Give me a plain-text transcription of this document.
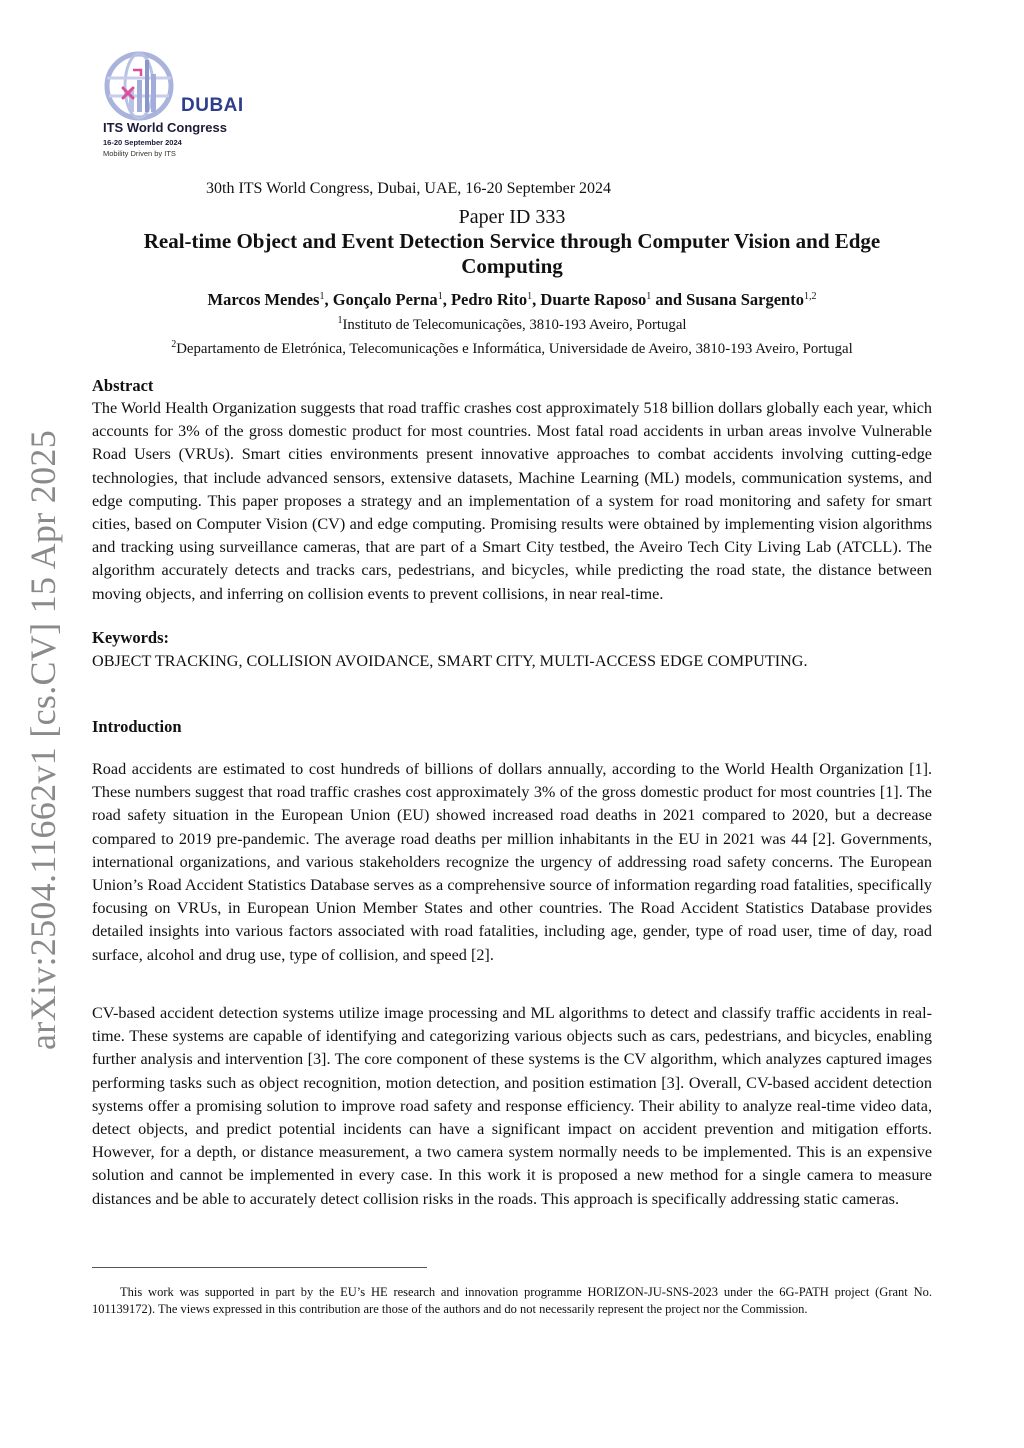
DUBAI
ITS World Congress
16-20 September 2024
Mobility Driven by ITS
arXiv:2504.11662v1 [cs.CV] 15 Apr 2025
30th ITS World Congress, Dubai, UAE, 16-20 September 2024
Paper ID 333
Real-time Object and Event Detection Service through Computer Vision and Edge Computing
Marcos Mendes$^1$, Gonçalo Perna$^1$, Pedro Rito$^1$, Duarte Raposo$^1$ and Susana Sargento$^{1,2}$
$^1$Instituto de Telecomunicações, 3810-193 Aveiro, Portugal
$^2$Departamento de Eletrónica, Telecomunicações e Informática, Universidade de Aveiro, 3810-193 Aveiro, Portugal
Abstract

The World Health Organization suggests that road traffic crashes cost approximately 518 billion dollars globally each year, which accounts for 3% of the gross domestic product for most countries. Most fatal road accidents in urban areas involve Vulnerable Road Users (VRUs). Smart cities environments present innovative approaches to combat accidents involving cutting-edge technologies, that include advanced sensors, extensive datasets, Machine Learning (ML) models, communication systems, and edge computing. This paper proposes a strategy and an implementation of a system for road monitoring and safety for smart cities, based on Computer Vision (CV) and edge computing. Promising results were obtained by implementing vision algorithms and tracking using surveillance cameras, that are part of a Smart City testbed, the Aveiro Tech City Living Lab (ATCLL). The algorithm accurately detects and tracks cars, pedestrians, and bicycles, while predicting the road state, the distance between moving objects, and inferring on collision events to prevent collisions, in near real-time.

Keywords:
OBJECT TRACKING, COLLISION AVOIDANCE, SMART CITY, MULTI-ACCESS EDGE COMPUTING.
Introduction

Road accidents are estimated to cost hundreds of billions of dollars annually, according to the World Health Organization [1]. These numbers suggest that road traffic crashes cost approximately 3% of the gross domestic product for most countries [1]. The road safety situation in the European Union (EU) showed increased road deaths in 2021 compared to 2020, but a decrease compared to 2019 pre-pandemic. The average road deaths per million inhabitants in the EU in 2021 was 44 [2]. Governments, international organizations, and various stakeholders recognize the urgency of addressing road safety concerns. The European Union’s Road Accident Statistics Database serves as a comprehensive source of information regarding road fatalities, specifically focusing on VRUs, in European Union Member States and other countries. The Road Accident Statistics Database provides detailed insights into various factors associated with road fatalities, including age, gender, type of road user, time of day, road surface, alcohol and drug use, type of collision, and speed [2].

CV-based accident detection systems utilize image processing and ML algorithms to detect and classify traffic accidents in real-time. These systems are capable of identifying and categorizing various objects such as cars, pedestrians, and bicycles, enabling further analysis and intervention [3]. The core component of these systems is the CV algorithm, which analyzes captured images performing tasks such as object recognition, motion detection, and position estimation [3]. Overall, CV-based accident detection systems offer a promising solution to improve road safety and response efficiency. Their ability to analyze real-time video data, detect objects, and predict potential incidents can have a significant impact on accident prevention and mitigation efforts. However, for a depth, or distance measurement, a two camera system normally needs to be implemented. This is an expensive solution and cannot be implemented in every case. In this work it is proposed a new method for a single camera to measure distances and be able to accurately detect collision risks in the roads. This approach is specifically addressing static cameras.

This work was supported in part by the EU’s HE research and innovation programme HORIZON-JU-SNS-2023 under the 6G-PATH project (Grant No. 101139172). The views expressed in this contribution are those of the authors and do not necessarily represent the project nor the Commission.
